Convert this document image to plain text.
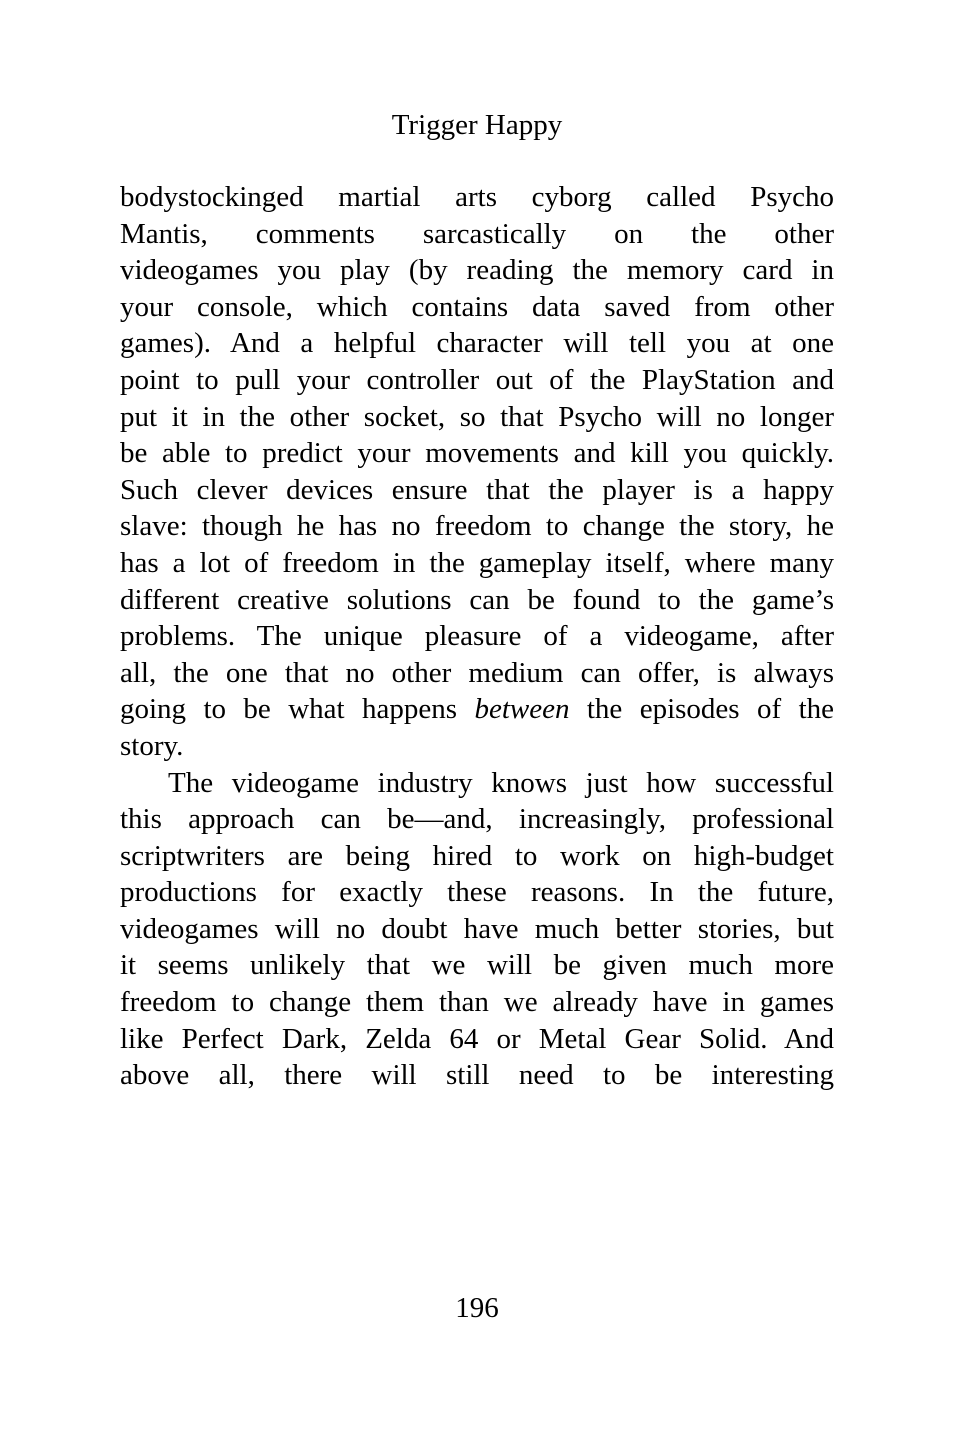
Trigger Happy
bodystockinged martial arts cyborg called Psycho
Mantis, comments sarcastically on the other
videogames you play (by reading the memory card in
your console, which contains data saved from other
games). And a helpful character will tell you at one
point to pull your controller out of the PlayStation and
put it in the other socket, so that Psycho will no longer
be able to predict your movements and kill you quickly.
Such clever devices ensure that the player is a happy
slave: though he has no freedom to change the story, he
has a lot of freedom in the gameplay itself, where many
different creative solutions can be found to the game’s
problems. The unique pleasure of a videogame, after
all, the one that no other medium can offer, is always
going to be what happens between the episodes of the
story.
The videogame industry knows just how successful
this approach can be—and, increasingly, professional
scriptwriters are being hired to work on high-budget
productions for exactly these reasons. In the future,
videogames will no doubt have much better stories, but
it seems unlikely that we will be given much more
freedom to change them than we already have in games
like Perfect Dark, Zelda 64 or Metal Gear Solid. And
above all, there will still need to be interesting
196
